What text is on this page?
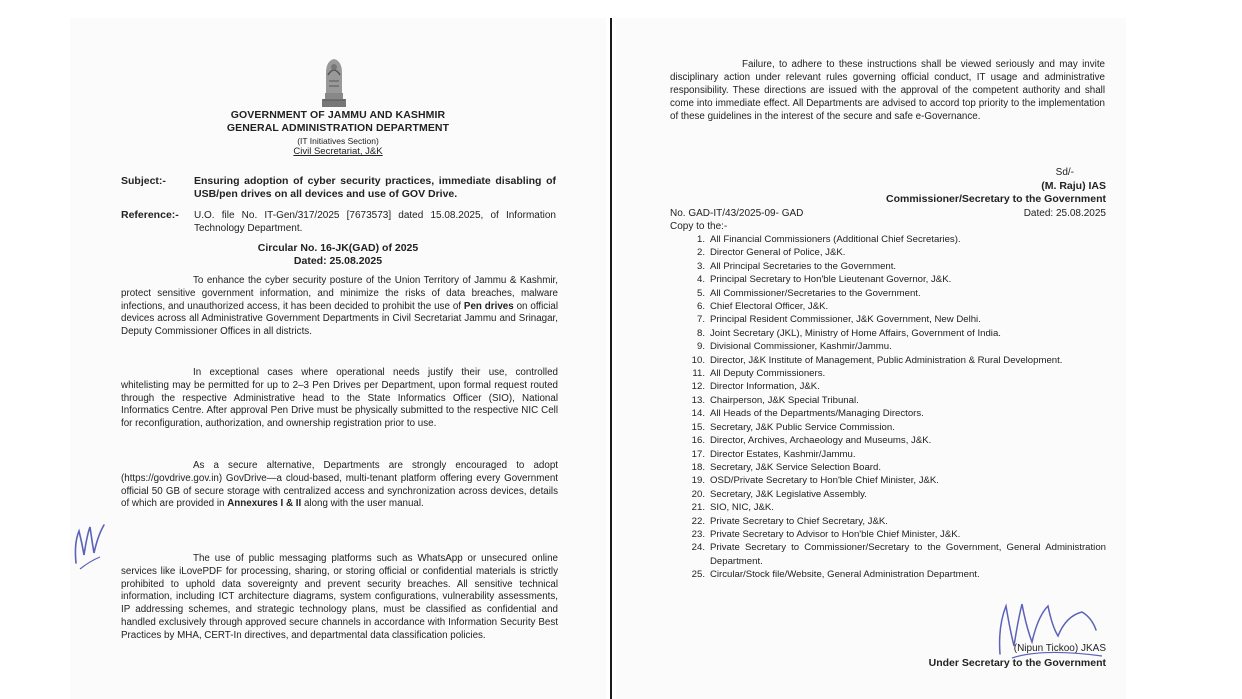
GOVERNMENT OF JAMMU AND KASHMIR
GENERAL ADMINISTRATION DEPARTMENT
(IT Initiatives Section)
Civil Secretariat, J&K
Subject:-	Ensuring adoption of cyber security practices, immediate disabling of USB/pen drives on all devices and use of GOV Drive.
Reference:- U.O. file No. IT-Gen/317/2025 [7673573] dated 15.08.2025, of Information Technology Department.
Circular No. 16-JK(GAD) of 2025
Dated: 25.08.2025

To enhance the cyber security posture of the Union Territory of Jammu & Kashmir, protect sensitive government information, and minimize the risks of data breaches, malware infections, and unauthorized access, it has been decided to prohibit the use of Pen drives on official devices across all Administrative Government Departments in Civil Secretariat Jammu and Srinagar, Deputy Commissioner Offices in all districts.

In exceptional cases where operational needs justify their use, controlled whitelisting may be permitted for up to 2–3 Pen Drives per Department, upon formal request routed through the respective Administrative head to the State Informatics Officer (SIO), National Informatics Centre. After approval Pen Drive must be physically submitted to the respective NIC Cell for reconfiguration, authorization, and ownership registration prior to use.

As a secure alternative, Departments are strongly encouraged to adopt (https://govdrive.gov.in) GovDrive—a cloud-based, multi-tenant platform offering every Government official 50 GB of secure storage with centralized access and synchronization across devices, details of which are provided in Annexures I & II along with the user manual.

The use of public messaging platforms such as WhatsApp or unsecured online services like iLovePDF for processing, sharing, or storing official or confidential materials is strictly prohibited to uphold data sovereignty and prevent security breaches. All sensitive technical information, including ICT architecture diagrams, system configurations, vulnerability assessments, IP addressing schemes, and strategic technology plans, must be classified as confidential and handled exclusively through approved secure channels in accordance with Information Security Best Practices by MHA, CERT-In directives, and departmental data classification policies.

Failure, to adhere to these instructions shall be viewed seriously and may invite disciplinary action under relevant rules governing official conduct, IT usage and administrative responsibility. These directions are issued with the approval of the competent authority and shall come into immediate effect. All Departments are advised to accord top priority to the implementation of these guidelines in the interest of the secure and safe e-Governance.

Sd/-
(M. Raju) IAS
Commissioner/Secretary to the Government
No. GAD-IT/43/2025-09- GAD	Dated: 25.08.2025
Copy to the:-
1. All Financial Commissioners (Additional Chief Secretaries).
2. Director General of Police, J&K.
3. All Principal Secretaries to the Government.
4. Principal Secretary to Hon'ble Lieutenant Governor, J&K.
5. All Commissioner/Secretaries to the Government.
6. Chief Electoral Officer, J&K.
7. Principal Resident Commissioner, J&K Government, New Delhi.
8. Joint Secretary (JKL), Ministry of Home Affairs, Government of India.
9. Divisional Commissioner, Kashmir/Jammu.
10. Director, J&K Institute of Management, Public Administration & Rural Development.
11. All Deputy Commissioners.
12. Director Information, J&K.
13. Chairperson, J&K Special Tribunal.
14. All Heads of the Departments/Managing Directors.
15. Secretary, J&K Public Service Commission.
16. Director, Archives, Archaeology and Museums, J&K.
17. Director Estates, Kashmir/Jammu.
18. Secretary, J&K Service Selection Board.
19. OSD/Private Secretary to Hon'ble Chief Minister, J&K.
20. Secretary, J&K Legislative Assembly.
21. SIO, NIC, J&K.
22. Private Secretary to Chief Secretary, J&K.
23. Private Secretary to Advisor to Hon'ble Chief Minister, J&K.
24. Private Secretary to Commissioner/Secretary to the Government, General Administration Department.
25. Circular/Stock file/Website, General Administration Department.
(Nipun Tickoo) JKAS
Under Secretary to the Government
